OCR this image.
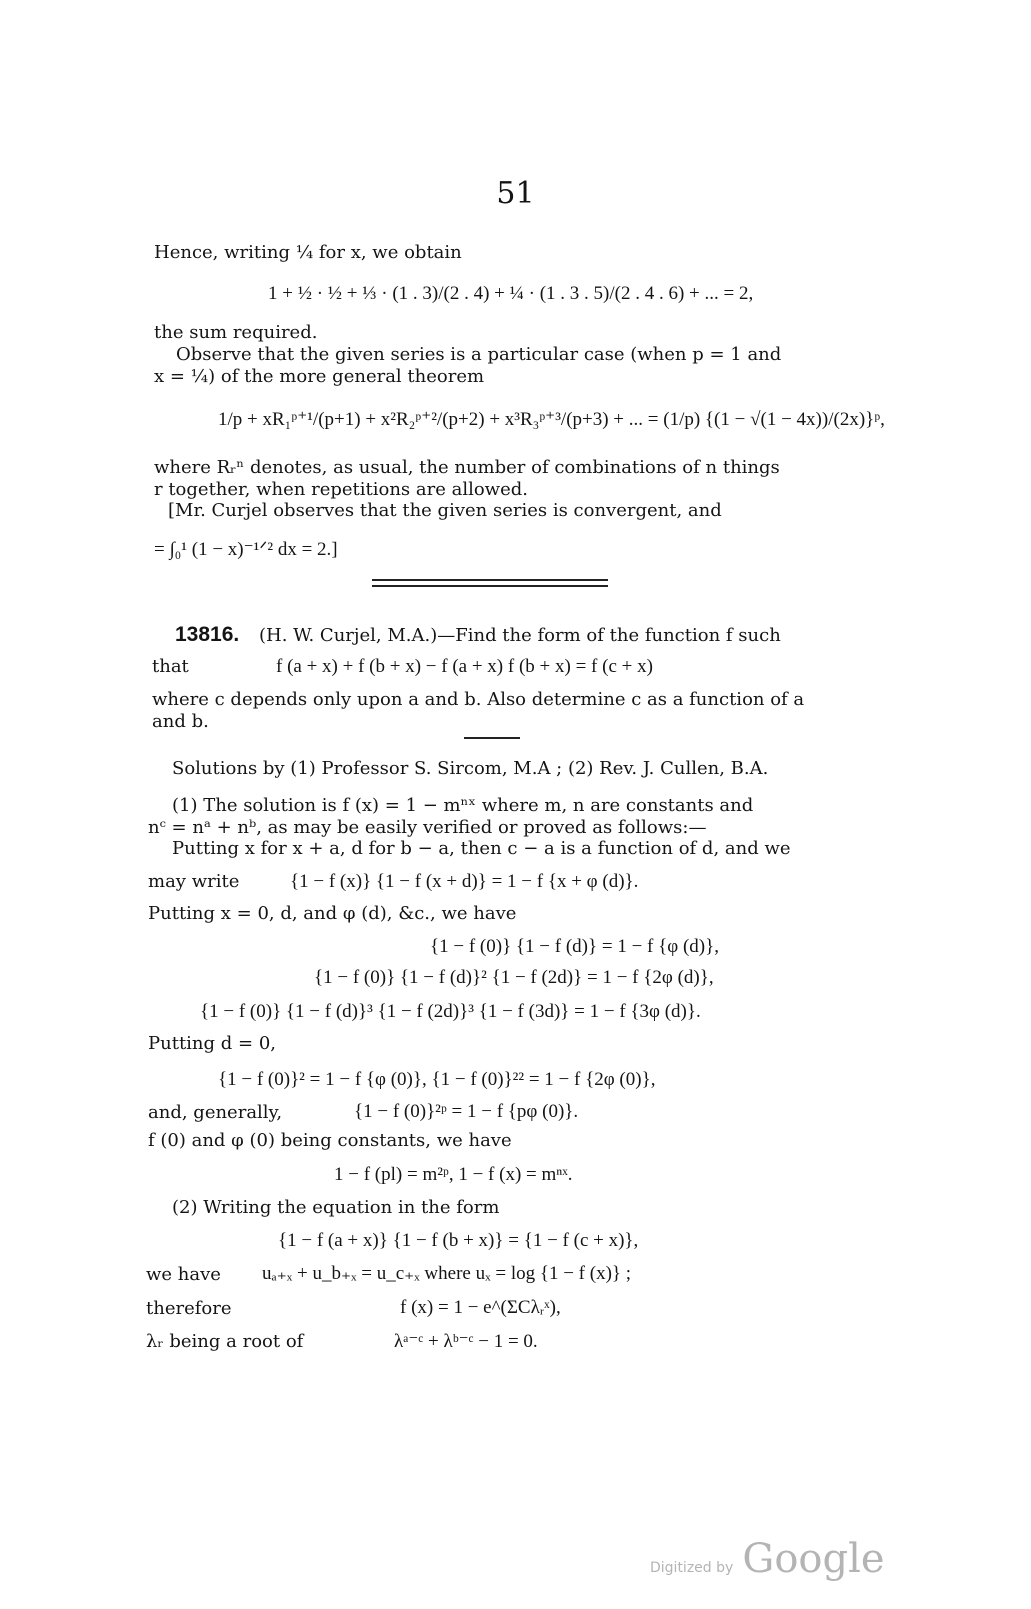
51
Hence, writing ¼ for x, we obtain
1 + ½ · ½ + ⅓ · (1 . 3)/(2 . 4) + ¼ · (1 . 3 . 5)/(2 . 4 . 6) + ... = 2,
the sum required.
Observe that the given series is a particular case (when p = 1 and
x = ¼) of the more general theorem
1/p + xR₁ᵖ⁺¹/(p+1) + x²R₂ᵖ⁺²/(p+2) + x³R₃ᵖ⁺³/(p+3) + ... = (1/p) {(1 − √(1 − 4x))/(2x)}ᵖ,
where Rᵣⁿ denotes, as usual, the number of combinations of n things
r together, when repetitions are allowed.
[Mr. Curjel observes that the given series is convergent, and
= ∫₀¹ (1 − x)⁻¹ᐟ² dx = 2.]
13816. (H. W. Curjel, M.A.)—Find the form of the function f such
that	f (a + x) + f (b + x) − f (a + x) f (b + x) = f (c + x)
where c depends only upon a and b. Also determine c as a function of a
and b.
Solutions by (1) Professor S. Sircom, M.A ; (2) Rev. J. Cullen, B.A.
(1) The solution is f (x) = 1 − mⁿˣ where m, n are constants and
nᶜ = nᵃ + nᵇ, as may be easily verified or proved as follows:—
Putting x for x + a, d for b − a, then c − a is a function of d, and we
may write	{1 − f (x)} {1 − f (x + d)} = 1 − f {x + φ (d)}.
Putting x = 0, d, and φ (d), &c., we have
{1 − f (0)} {1 − f (d)} = 1 − f {φ (d)},
{1 − f (0)} {1 − f (d)}² {1 − f (2d)} = 1 − f {2φ (d)},
{1 − f (0)} {1 − f (d)}³ {1 − f (2d)}³ {1 − f (3d)} = 1 − f {3φ (d)}.
Putting d = 0,
{1 − f (0)}² = 1 − f {φ (0)}, {1 − f (0)}²² = 1 − f {2φ (0)},
and, generally,	{1 − f (0)}²ᵖ = 1 − f {pφ (0)}.
f (0) and φ (0) being constants, we have
1 − f (pl) = m²ᵖ, 1 − f (x) = mⁿˣ.
(2) Writing the equation in the form
{1 − f (a + x)} {1 − f (b + x)} = {1 − f (c + x)},
we have uₐ₊ₓ + u_b₊ₓ = u_c₊ₓ where uₓ = log {1 − f (x)} ;
therefore	f (x) = 1 − e^(ΣCλᵣˣ),
λᵣ being a root of	λᵃ⁻ᶜ + λᵇ⁻ᶜ − 1 = 0.
Digitized by Google
